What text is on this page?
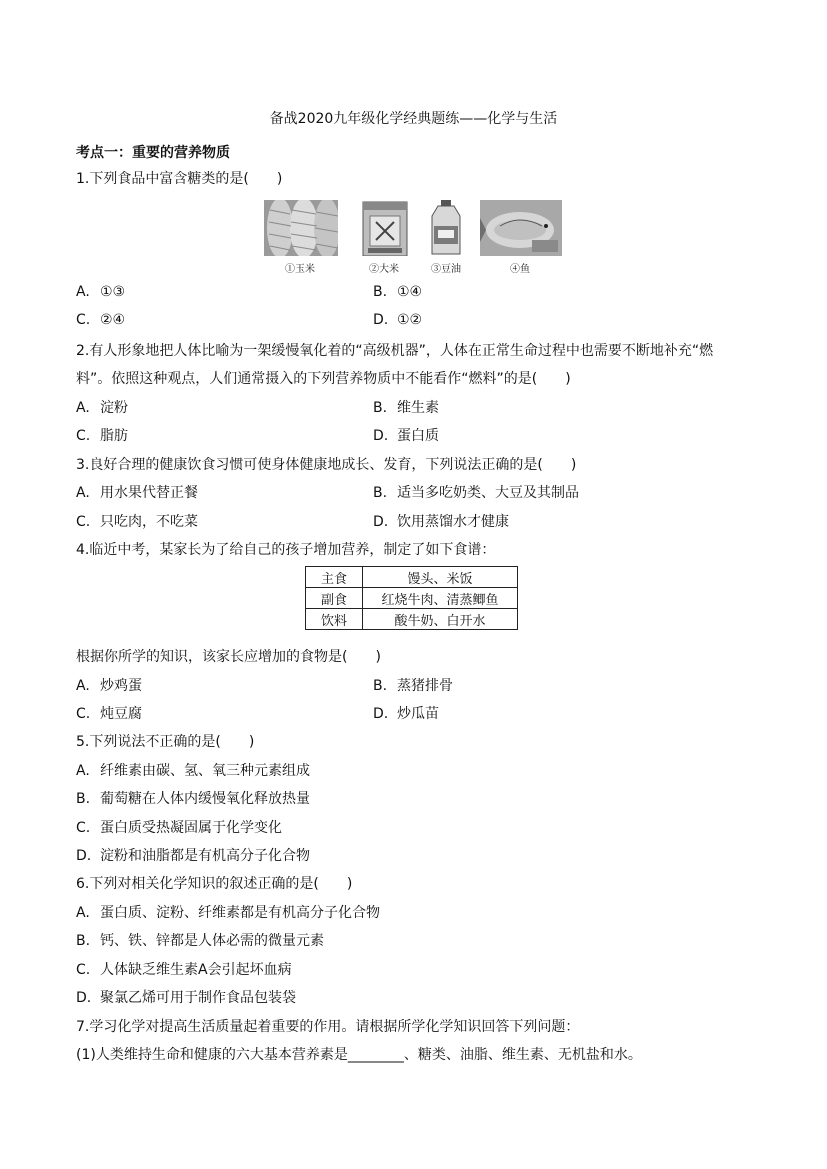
备战2020九年级化学经典题练——化学与生活
考点一：重要的营养物质
1.下列食品中富含糖类的是(　　)
①玉米	②大米	③豆油	④鱼
A. ①③	B. ①④
C. ②④	D. ①②
2.有人形象地把人体比喻为一架缓慢氧化着的“高级机器”，人体在正常生命过程中也需要不断地补充“燃
料”。依照这种观点，人们通常摄入的下列营养物质中不能看作“燃料”的是(　　)
A. 淀粉	B. 维生素
C. 脂肪	D. 蛋白质
3.良好合理的健康饮食习惯可使身体健康地成长、发育，下列说法正确的是(　　)
A. 用水果代替正餐	B. 适当多吃奶类、大豆及其制品
C. 只吃肉，不吃菜	D. 饮用蒸馏水才健康
4.临近中考，某家长为了给自己的孩子增加营养，制定了如下食谱：
主食	馒头、米饭
副食	红烧牛肉、清蒸鲫鱼
饮料	酸牛奶、白开水
根据你所学的知识，该家长应增加的食物是(　　)
A. 炒鸡蛋	B. 蒸猪排骨
C. 炖豆腐	D. 炒瓜苗
5.下列说法不正确的是(　　)
A. 纤维素由碳、氢、氧三种元素组成
B. 葡萄糖在人体内缓慢氧化释放热量
C. 蛋白质受热凝固属于化学变化
D. 淀粉和油脂都是有机高分子化合物
6.下列对相关化学知识的叙述正确的是(　　)
A. 蛋白质、淀粉、纤维素都是有机高分子化合物
B. 钙、铁、锌都是人体必需的微量元素
C. 人体缺乏维生素A会引起坏血病
D. 聚氯乙烯可用于制作食品包装袋
7.学习化学对提高生活质量起着重要的作用。请根据所学化学知识回答下列问题：
(1)人类维持生命和健康的六大基本营养素是________、糖类、油脂、维生素、无机盐和水。
